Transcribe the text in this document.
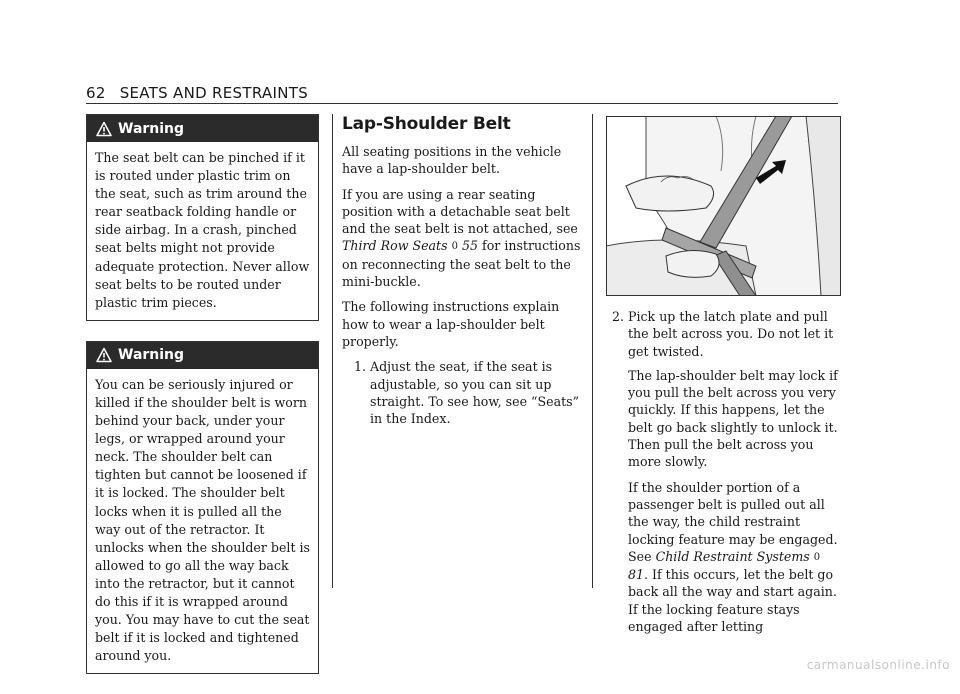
62 SEATS AND RESTRAINTS
Warning
The seat belt can be pinched if it is routed under plastic trim on the seat, such as trim around the rear seatback folding handle or side airbag. In a crash, pinched seat belts might not provide adequate protection. Never allow seat belts to be routed under plastic trim pieces.
Warning
You can be seriously injured or killed if the shoulder belt is worn behind your back, under your legs, or wrapped around your neck. The shoulder belt can tighten but cannot be loosened if it is locked. The shoulder belt locks when it is pulled all the way out of the retractor. It unlocks when the shoulder belt is allowed to go all the way back into the retractor, but it cannot do this if it is wrapped around you. You may have to cut the seat belt if it is locked and tightened around you.
Lap-Shoulder Belt

All seating positions in the vehicle have a lap-shoulder belt.

If you are using a rear seating position with a detachable seat belt and the seat belt is not attached, see Third Row Seats 0 55 for instructions on reconnecting the seat belt to the mini-buckle.

The following instructions explain how to wear a lap-shoulder belt properly.

1. Adjust the seat, if the seat is adjustable, so you can sit up straight. To see how, see “Seats” in the Index.
2. Pick up the latch plate and pull the belt across you. Do not let it get twisted.

The lap-shoulder belt may lock if you pull the belt across you very quickly. If this happens, let the belt go back slightly to unlock it. Then pull the belt across you more slowly.

If the shoulder portion of a passenger belt is pulled out all the way, the child restraint locking feature may be engaged. See Child Restraint Systems 0 81. If this occurs, let the belt go back all the way and start again. If the locking feature stays engaged after letting

carmanualsonline.info
